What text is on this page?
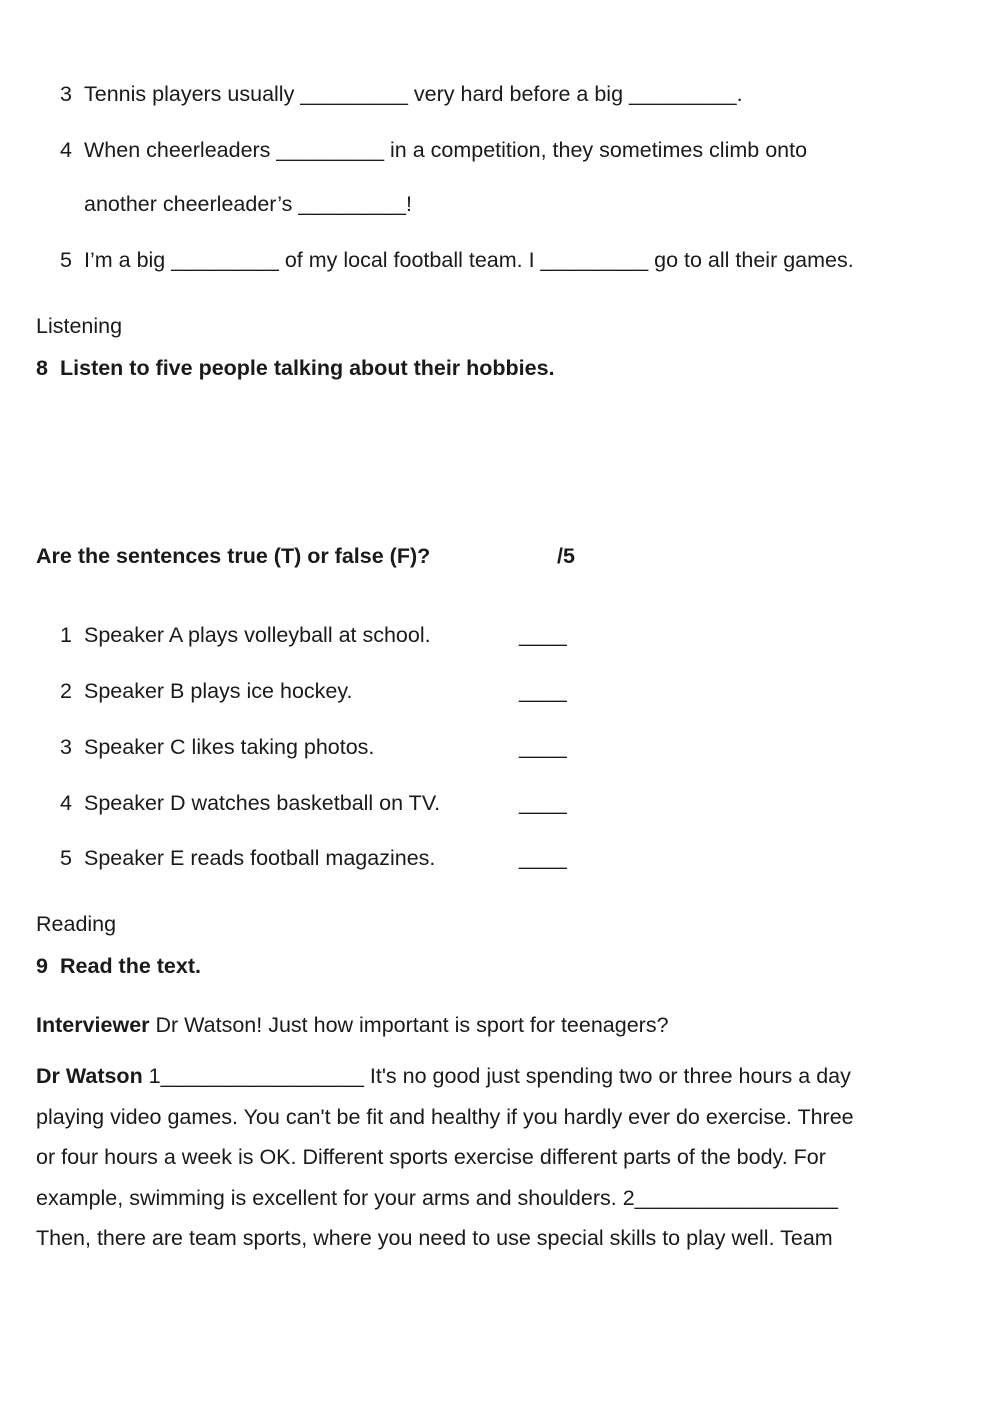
3 Tennis players usually _________ very hard before a big _________.
4 When cheerleaders _________ in a competition, they sometimes climb onto
another cheerleader’s _________!
5 I’m a big _________ of my local football team. I _________ go to all their games.
Listening
8 Listen to five people talking about their hobbies.
Are the sentences true (T) or false (F)?	/5
1 Speaker A plays volleyball at school.	____
2 Speaker B plays ice hockey.	____
3 Speaker C likes taking photos.	____
4 Speaker D watches basketball on TV.	____
5 Speaker E reads football magazines.	____
Reading
9 Read the text.
Interviewer Dr Watson! Just how important is sport for teenagers?
Dr Watson 1_________________ It's no good just spending two or three hours a day
playing video games. You can't be fit and healthy if you hardly ever do exercise. Three
or four hours a week is OK. Different sports exercise different parts of the body. For
example, swimming is excellent for your arms and shoulders. 2_________________
Then, there are team sports, where you need to use special skills to play well. Team
